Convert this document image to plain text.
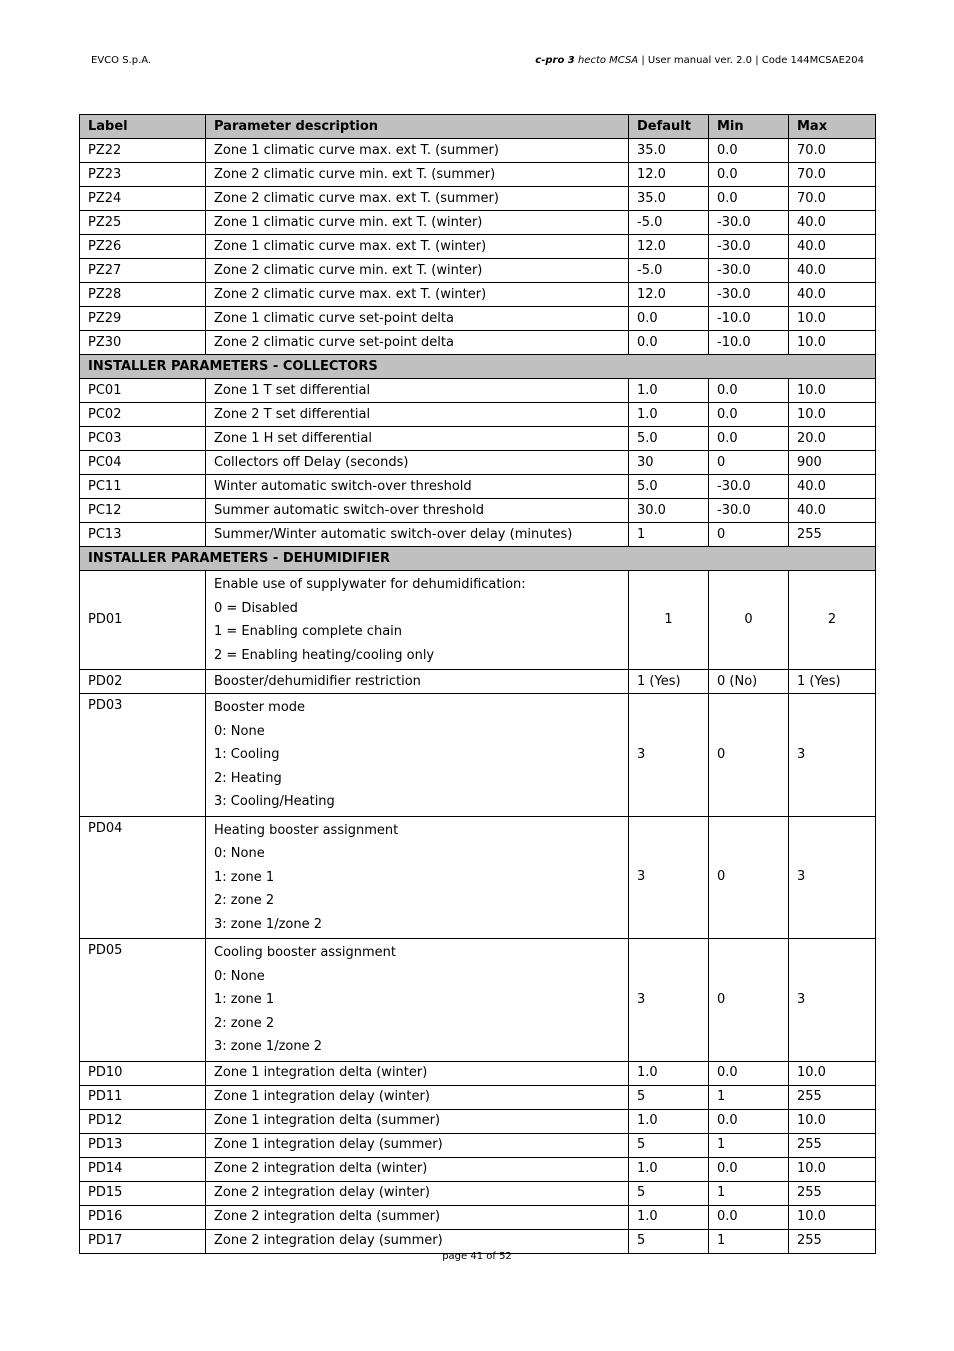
EVCO S.p.A.	c-pro 3 hecto MCSA | User manual ver. 2.0 | Code 144MCSAE204
Label	Parameter description	Default	Min	Max
PZ22	Zone 1 climatic curve max. ext T. (summer)	35.0	0.0	70.0
PZ23	Zone 2 climatic curve min. ext T. (summer)	12.0	0.0	70.0
PZ24	Zone 2 climatic curve max. ext T. (summer)	35.0	0.0	70.0
PZ25	Zone 1 climatic curve min. ext T. (winter)	-5.0	-30.0	40.0
PZ26	Zone 1 climatic curve max. ext T. (winter)	12.0	-30.0	40.0
PZ27	Zone 2 climatic curve min. ext T. (winter)	-5.0	-30.0	40.0
PZ28	Zone 2 climatic curve max. ext T. (winter)	12.0	-30.0	40.0
PZ29	Zone 1 climatic curve set-point delta	0.0	-10.0	10.0
PZ30	Zone 2 climatic curve set-point delta	0.0	-10.0	10.0
INSTALLER PARAMETERS - COLLECTORS				
PC01	Zone 1 T set differential	1.0	0.0	10.0
PC02	Zone 2 T set differential	1.0	0.0	10.0
PC03	Zone 1 H set differential	5.0	0.0	20.0
PC04	Collectors off Delay (seconds)	30	0	900
PC11	Winter automatic switch-over threshold	5.0	-30.0	40.0
PC12	Summer automatic switch-over threshold	30.0	-30.0	40.0
PC13	Summer/Winter automatic switch-over delay (minutes)	1	0	255
INSTALLER PARAMETERS - DEHUMIDIFIER				
PD01	Enable use of supplywater for dehumidification:
0 = Disabled
1 = Enabling complete chain
2 = Enabling heating/cooling only	1	0	2
PD02	Booster/dehumidifier restriction	1 (Yes)	0 (No)	1 (Yes)
PD03	Booster mode
0: None
1: Cooling
2: Heating
3: Cooling/Heating	3	0	3
PD04	Heating booster assignment
0: None
1: zone 1
2: zone 2
3: zone 1/zone 2	3	0	3
PD05	Cooling booster assignment
0: None
1: zone 1
2: zone 2
3: zone 1/zone 2	3	0	3
PD10	Zone 1 integration delta (winter)	1.0	0.0	10.0
PD11	Zone 1 integration delay (winter)	5	1	255
PD12	Zone 1 integration delta (summer)	1.0	0.0	10.0
PD13	Zone 1 integration delay (summer)	5	1	255
PD14	Zone 2 integration delta (winter)	1.0	0.0	10.0
PD15	Zone 2 integration delay (winter)	5	1	255
PD16	Zone 2 integration delta (summer)	1.0	0.0	10.0
PD17	Zone 2 integration delay (summer)	5	1	255
page 41 of 52
